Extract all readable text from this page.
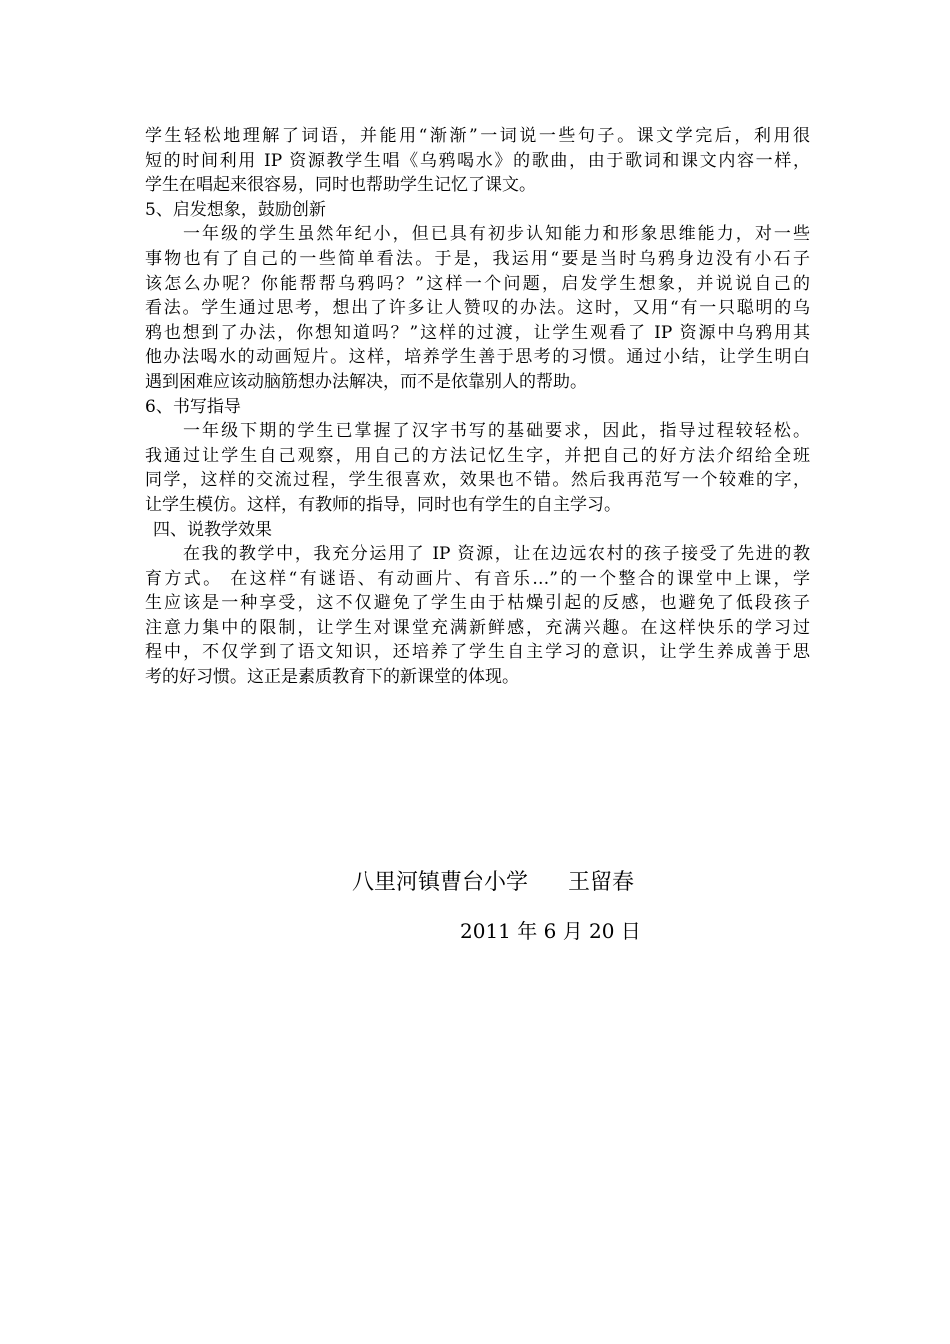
学生轻松地理解了词语，并能用“渐渐”一词说一些句子。课文学完后，利用很
短的时间利用 IP 资源教学生唱《乌鸦喝水》的歌曲，由于歌词和课文内容一样，
学生在唱起来很容易，同时也帮助学生记忆了课文。
5、启发想象，鼓励创新
一年级的学生虽然年纪小，但已具有初步认知能力和形象思维能力，对一些
事物也有了自己的一些简单看法。于是，我运用“要是当时乌鸦身边没有小石子
该怎么办呢？你能帮帮乌鸦吗？”这样一个问题，启发学生想象，并说说自己的
看法。学生通过思考，想出了许多让人赞叹的办法。这时，又用“有一只聪明的乌
鸦也想到了办法，你想知道吗？”这样的过渡，让学生观看了 IP 资源中乌鸦用其
他办法喝水的动画短片。这样，培养学生善于思考的习惯。通过小结，让学生明白
遇到困难应该动脑筋想办法解决，而不是依靠别人的帮助。
6、书写指导
一年级下期的学生已掌握了汉字书写的基础要求，因此，指导过程较轻松。
我通过让学生自己观察，用自己的方法记忆生字，并把自己的好方法介绍给全班
同学，这样的交流过程，学生很喜欢，效果也不错。然后我再范写一个较难的字，
让学生模仿。这样，有教师的指导，同时也有学生的自主学习。
四、说教学效果
在我的教学中，我充分运用了 IP 资源，让在边远农村的孩子接受了先进的教
育方式。 在这样“有谜语、有动画片、有音乐…”的一个整合的课堂中上课，学
生应该是一种享受，这不仅避免了学生由于枯燥引起的反感，也避免了低段孩子
注意力集中的限制，让学生对课堂充满新鲜感，充满兴趣。在这样快乐的学习过
程中，不仅学到了语文知识，还培养了学生自主学习的意识，让学生养成善于思
考的好习惯。这正是素质教育下的新课堂的体现。
八里河镇曹台小学 王留春
2011 年 6 月 20 日
